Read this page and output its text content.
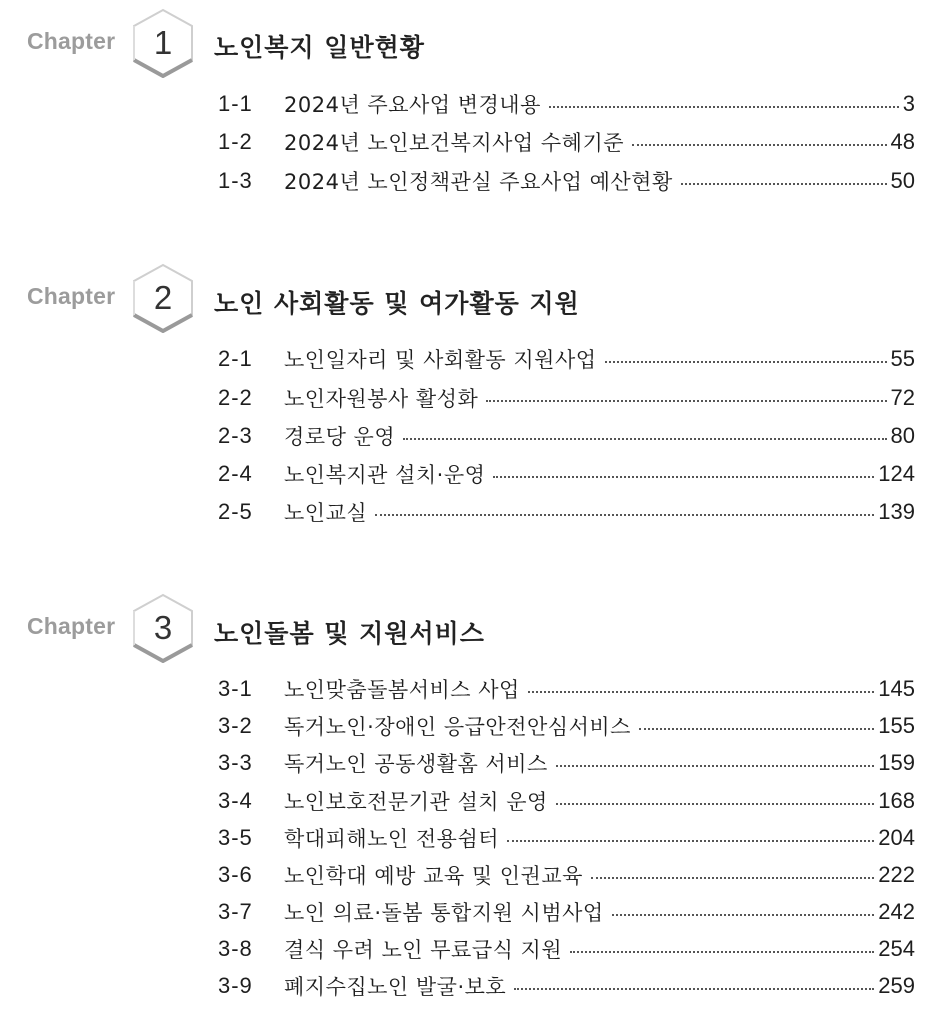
Chapter	1	노인복지 일반현황
1-1	2024년 주요사업 변경내용	3
1-2	2024년 노인보건복지사업 수혜기준	48
1-3	2024년 노인정책관실 주요사업 예산현황	50
Chapter	2	노인 사회활동 및 여가활동 지원
2-1	노인일자리 및 사회활동 지원사업	55
2-2	노인자원봉사 활성화	72
2-3	경로당 운영	80
2-4	노인복지관 설치·운영	124
2-5	노인교실	139
Chapter	3	노인돌봄 및 지원서비스
3-1	노인맞춤돌봄서비스 사업	145
3-2	독거노인·장애인 응급안전안심서비스	155
3-3	독거노인 공동생활홈 서비스	159
3-4	노인보호전문기관 설치 운영	168
3-5	학대피해노인 전용쉼터	204
3-6	노인학대 예방 교육 및 인권교육	222
3-7	노인 의료·돌봄 통합지원 시범사업	242
3-8	결식 우려 노인 무료급식 지원	254
3-9	폐지수집노인 발굴·보호	259
